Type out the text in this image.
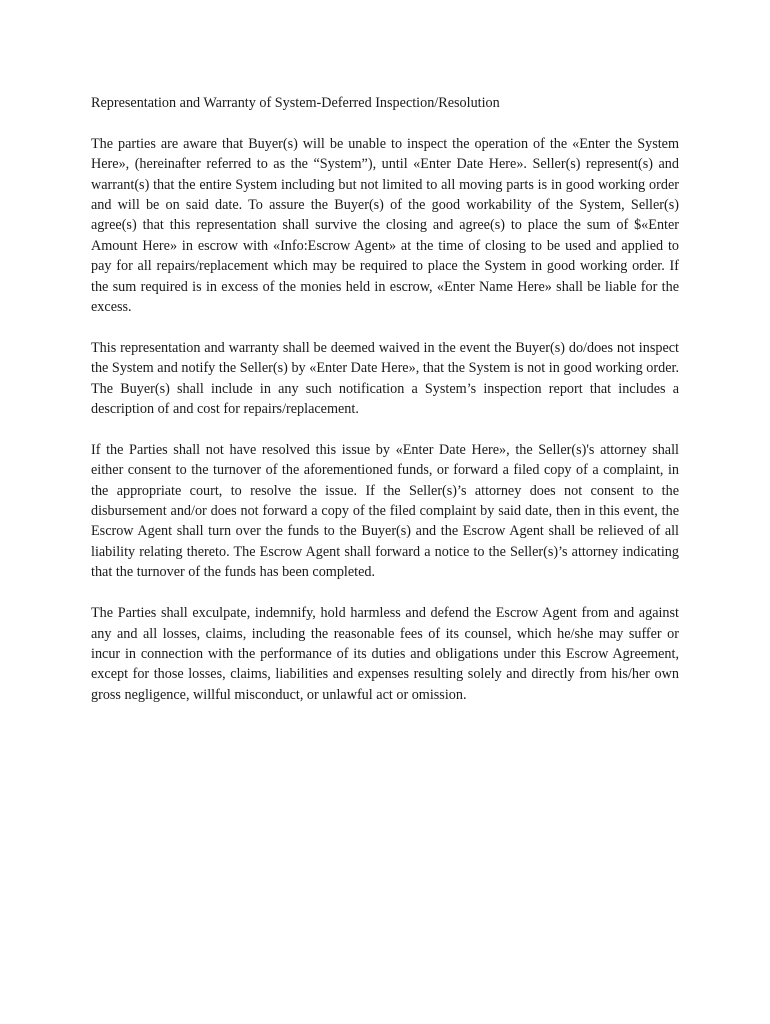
Representation and Warranty of System-Deferred Inspection/Resolution

The parties are aware that Buyer(s) will be unable to inspect the operation of the «Enter the System Here», (hereinafter referred to as the “System”), until «Enter Date Here». Seller(s) represent(s) and warrant(s) that the entire System including but not limited to all moving parts is in good working order and will be on said date. To assure the Buyer(s) of the good workability of the System, Seller(s) agree(s) that this representation shall survive the closing and agree(s) to place the sum of $«Enter Amount Here» in escrow with «Info:Escrow Agent» at the time of closing to be used and applied to pay for all repairs/replacement which may be required to place the System in good working order. If the sum required is in excess of the monies held in escrow, «Enter Name Here» shall be liable for the excess.

This representation and warranty shall be deemed waived in the event the Buyer(s) do/does not inspect the System and notify the Seller(s) by «Enter Date Here», that the System is not in good working order. The Buyer(s) shall include in any such notification a System’s inspection report that includes a description of and cost for repairs/replacement.

If the Parties shall not have resolved this issue by «Enter Date Here», the Seller(s)'s attorney shall either consent to the turnover of the aforementioned funds, or forward a filed copy of a complaint, in the appropriate court, to resolve the issue. If the Seller(s)’s attorney does not consent to the disbursement and/or does not forward a copy of the filed complaint by said date, then in this event, the Escrow Agent shall turn over the funds to the Buyer(s) and the Escrow Agent shall be relieved of all liability relating thereto. The Escrow Agent shall forward a notice to the Seller(s)’s attorney indicating that the turnover of the funds has been completed.

The Parties shall exculpate, indemnify, hold harmless and defend the Escrow Agent from and against any and all losses, claims, including the reasonable fees of its counsel, which he/she may suffer or incur in connection with the performance of its duties and obligations under this Escrow Agreement, except for those losses, claims, liabilities and expenses resulting solely and directly from his/her own gross negligence, willful misconduct, or unlawful act or omission.
